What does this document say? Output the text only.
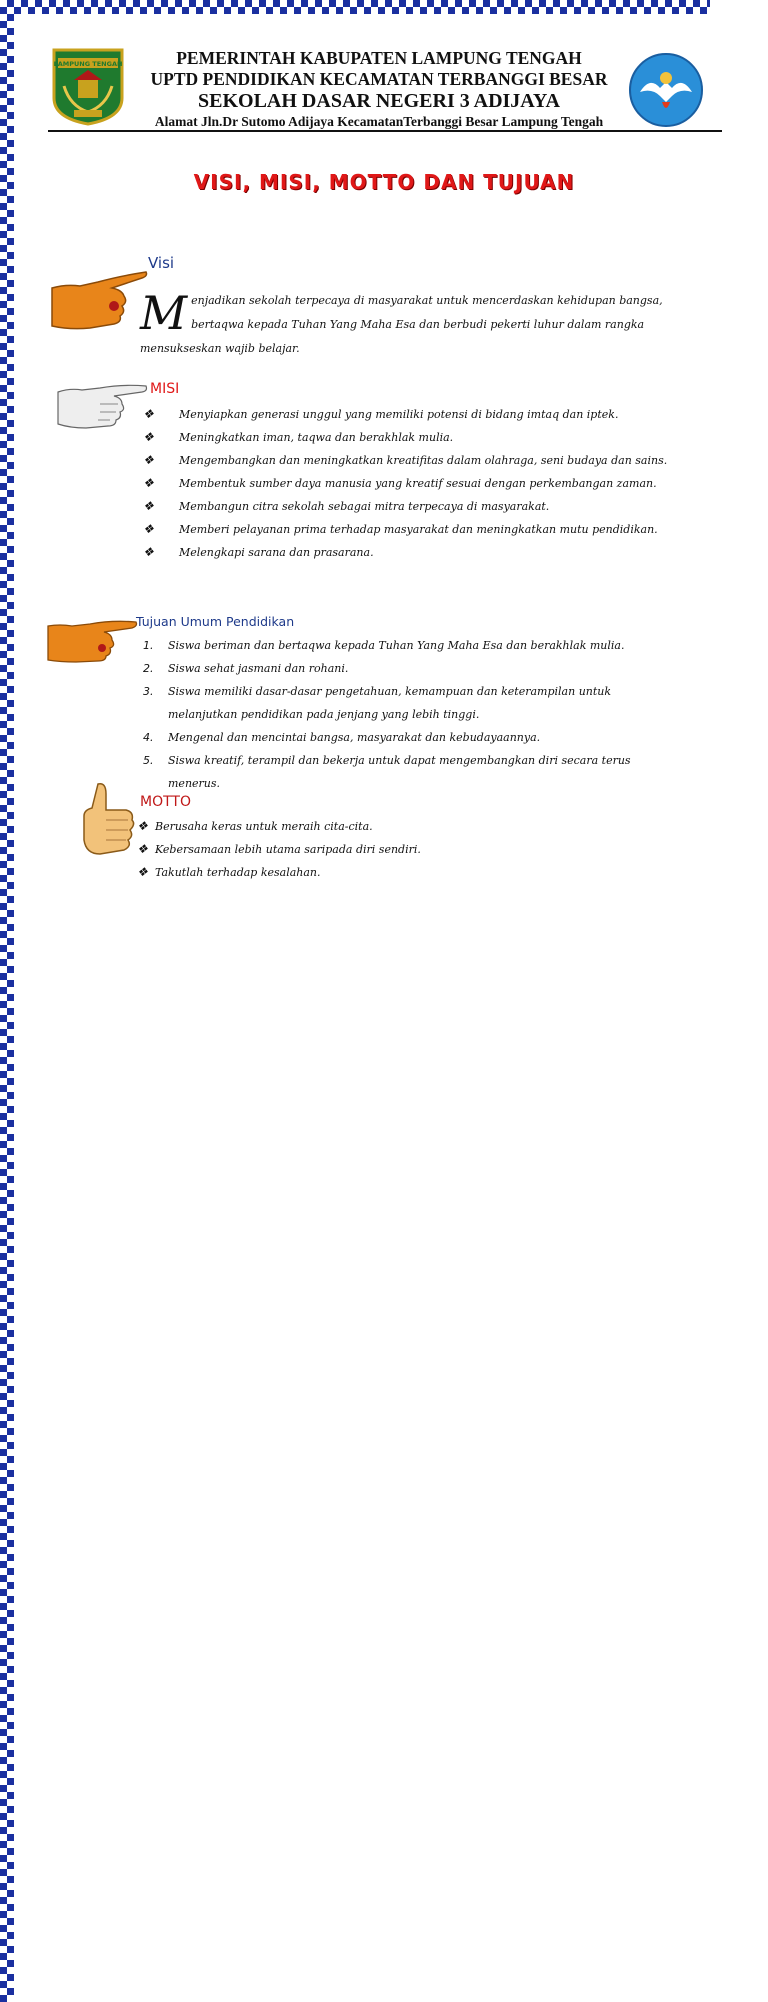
LAMPUNG TENGAH	PEMERINTAH KABUPATEN LAMPUNG TENGAH
UPTD PENDIDIKAN KECAMATAN TERBANGGI BESAR
SEKOLAH DASAR NEGERI 3 ADIJAYA
Alamat Jln.Dr Sutomo Adijaya KecamatanTerbanggi Besar Lampung Tengah
VISI, MISI, MOTTO DAN TUJUAN
Visi
M enjadikan sekolah terpecaya di masyarakat untuk mencerdaskan kehidupan bangsa, bertaqwa kepada Tuhan Yang Maha Esa dan berbudi pekerti luhur dalam rangka mensukseskan wajib belajar.
MISI
❖	Menyiapkan generasi unggul yang memiliki potensi di bidang imtaq dan iptek.
❖	Meningkatkan iman, taqwa dan berakhlak mulia.
❖	Mengembangkan dan meningkatkan kreatifitas dalam olahraga, seni budaya dan sains.
❖	Membentuk sumber daya manusia yang kreatif sesuai dengan perkembangan zaman.
❖	Membangun citra sekolah sebagai mitra terpecaya di masyarakat.
❖	Memberi pelayanan prima terhadap masyarakat dan meningkatkan mutu pendidikan.
❖	Melengkapi sarana dan prasarana.
Tujuan Umum Pendidikan
1.	Siswa beriman dan bertaqwa kepada Tuhan Yang Maha Esa dan berakhlak mulia.
2.	Siswa sehat jasmani dan rohani.
3.	Siswa memiliki dasar-dasar pengetahuan, kemampuan dan keterampilan untuk melanjutkan pendidikan pada jenjang yang lebih tinggi.
4.	Mengenal dan mencintai bangsa, masyarakat dan kebudayaannya.
5.	Siswa kreatif, terampil dan bekerja untuk dapat mengembangkan diri secara terus menerus.
MOTTO
❖ Berusaha keras untuk meraih cita-cita.
❖ Kebersamaan lebih utama saripada diri sendiri.
❖ Takutlah terhadap kesalahan.
